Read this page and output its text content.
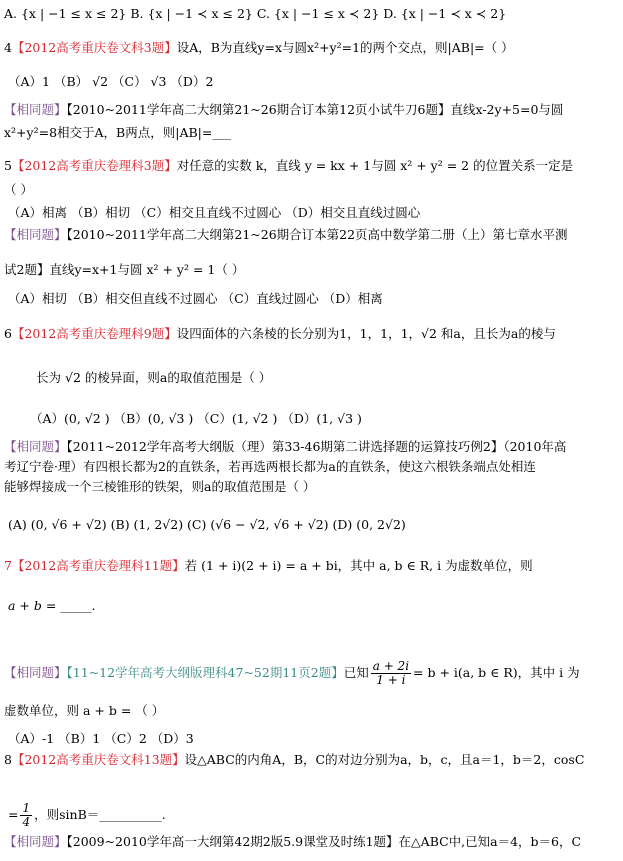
A. {x | −1 ≤ x ≤ 2} B. {x | −1 ≺ x ≤ 2} C. {x | −1 ≤ x ≺ 2} D. {x | −1 ≺ x ≺ 2}
4【2012高考重庆卷文科3题】设A，B为直线y=x与圆x²+y²=1的两个交点，则|AB|=（ ）
（A）1 （B） √2 （C） √3 （D）2
【相同题】【2010~2011学年高二大纲第21~26期合订本第12页小试牛刀6题】直线x-2y+5=0与圆
x²+y²=8相交于A，B两点，则|AB|=___
5【2012高考重庆卷理科3题】对任意的实数 k，直线 y = kx + 1与圆 x² + y² = 2 的位置关系一定是
（ ）
（A）相离 （B）相切 （C）相交且直线不过圆心 （D）相交且直线过圆心
【相同题】【2010~2011学年高二大纲第21~26期合订本第22页高中数学第二册（上）第七章水平测
试2题】直线y=x+1与圆 x² + y² = 1（ ）
（A）相切 （B）相交但直线不过圆心 （C）直线过圆心 （D）相离
6【2012高考重庆卷理科9题】设四面体的六条棱的长分别为1，1，1，1，√2 和a，且长为a的棱与
长为 √2 的棱异面，则a的取值范围是（ ）
（A）(0, √2 ) （B）(0, √3 ) （C）(1, √2 ) （D）(1, √3 )
【相同题】【2011~2012学年高考大纲版（理）第33-46期第二讲选择题的运算技巧例2】（2010年高
考辽宁卷·理）有四根长都为2的直铁条，若再选两根长都为a的直铁条，使这六根铁条端点处相连
能够焊接成一个三棱锥形的铁架，则a的取值范围是（ ）
(A) (0, √6 + √2) (B) (1, 2√2) (C) (√6 − √2, √6 + √2) (D) (0, 2√2)
7【2012高考重庆卷理科11题】若 (1 + i)(2 + i) = a + bi，其中 a, b ∈ R, i 为虚数单位，则
a + b = _____.
【相同题】【11~12学年高考大纲版理科47~52期11页2题】已知 $\frac{a + 2i}{1 + i} = b + i(a$, b ∈ R)，其中 i 为
虚数单位，则 a + b = （ ）
（A）-1 （B）1 （C）2 （D）3
8【2012高考重庆卷文科13题】设△ABC的内角A，B，C的对边分别为a，b，c，且a＝1，b＝2，cosC
= $\frac{1}{4}$ ，则sinB＝__________.
【相同题】【2009~2010学年高一大纲第42期2版5.9课堂及时练1题】在△ABC中,已知a＝4，b＝6，C
